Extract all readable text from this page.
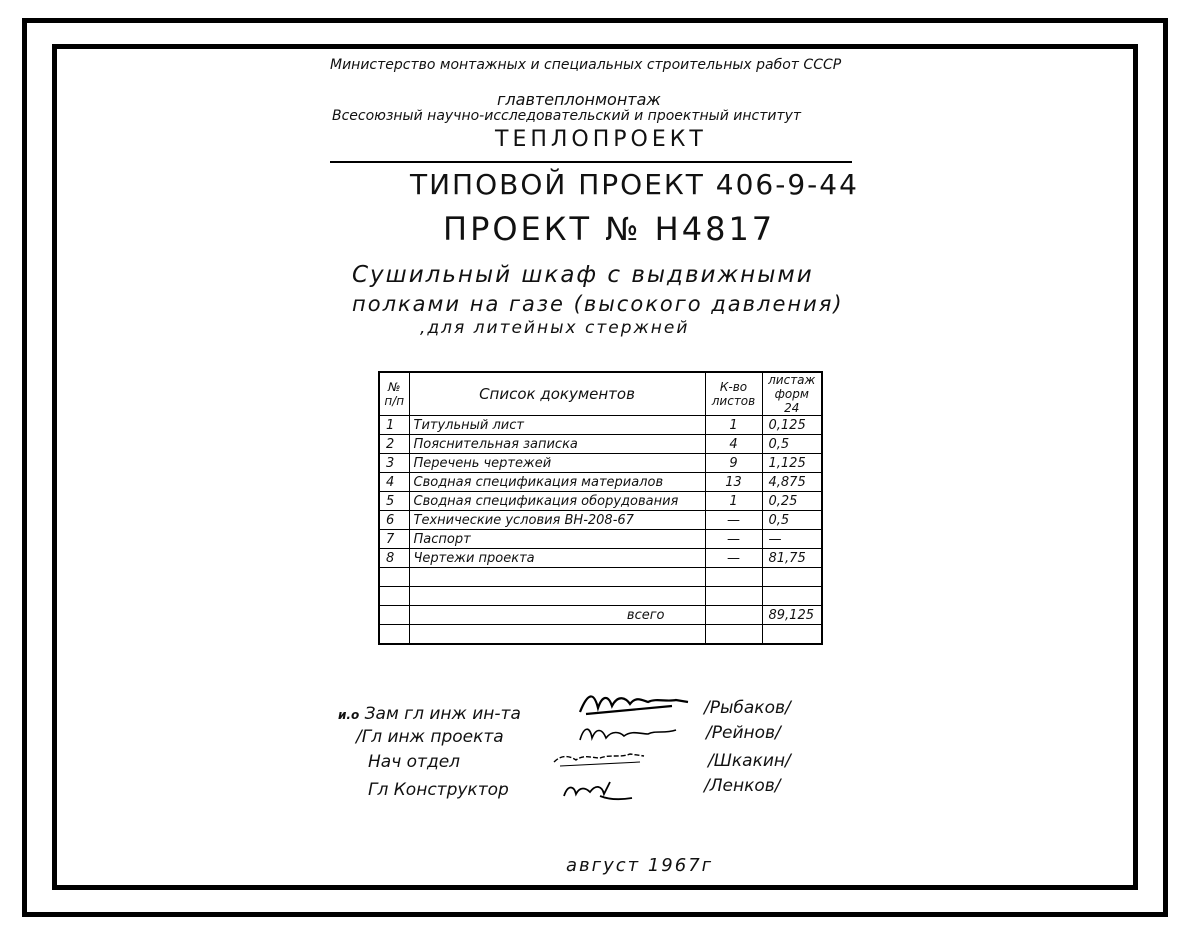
Министерство монтажных и специальных строительных работ СССР
главтеплонмонтаж
Всесоюзный научно-исследовательский и проектный институт
ТЕПЛОПРОЕКТ
ТИПОВОЙ ПРОЕКТ 406-9-44
ПРОЕКТ № Н4817
Сушильный шкаф с выдвижными
полками на газе (высокого давления)
,для литейных стержней
№ п/п	Список документов	К-во листов	листаж форм 24
1	Титульный лист	1	0,125
2	Пояснительная записка	4	0,5
3	Перечень чертежей	9	1,125
4	Сводная спецификация материалов	13	4,875
5	Сводная спецификация оборудования	1	0,25
6	Технические условия ВН-208-67	—	0,5
7	Паспорт	—	—
8	Чертежи проекта	—	81,75

	всего		89,125

и.о Зам гл инж ин-та	/Рыбаков/
/Гл инж проекта	/Рейнов/
Нач отдел	/Шкакин/
Гл Конструктор	/Ленков/
август 1967г
